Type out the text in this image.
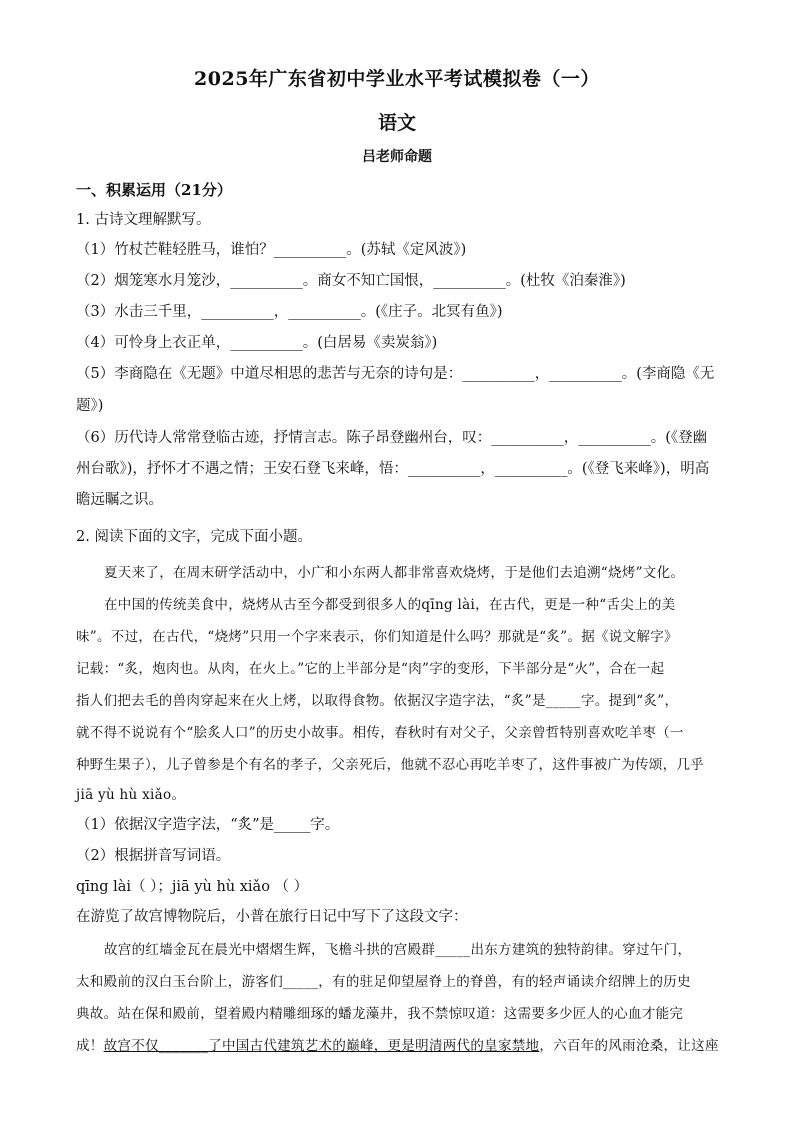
2025年广东省初中学业水平考试模拟卷（一）
语文
吕老师命题

一、积累运用（21分）

1. 古诗文理解默写。

（1）竹杖芒鞋轻胜马，谁怕？__________。(苏轼《定风波》)

（2）烟笼寒水月笼沙，__________。商女不知亡国恨，__________。(杜牧《泊秦淮》)

（3）水击三千里，__________，__________。(《庄子。北冥有鱼》)

（4）可怜身上衣正单，__________。(白居易《卖炭翁》)

（5）李商隐在《无题》中道尽相思的悲苦与无奈的诗句是：__________，__________。(李商隐《无

题》)

（6）历代诗人常常登临古迹，抒情言志。陈子昂登幽州台，叹：__________，__________。(《登幽

州台歌》)，抒怀才不遇之情；王安石登飞来峰，悟：__________，__________。(《登飞来峰》)，明高

瞻远瞩之识。

2. 阅读下面的文字，完成下面小题。

夏天来了，在周末研学活动中，小广和小东两人都非常喜欢烧烤，于是他们去追溯“烧烤”文化。

在中国的传统美食中，烧烤从古至今都受到很多人的qīng lài，在古代，更是一种“舌尖上的美

味”。不过，在古代，“烧烤”只用一个字来表示，你们知道是什么吗？那就是“炙”。据《说文解字》

记载：“炙，炮肉也。从肉，在火上。”它的上半部分是“肉”字的变形，下半部分是“火”，合在一起

指人们把去毛的兽肉穿起来在火上烤，以取得食物。依据汉字造字法，“炙”是_____字。提到“炙”，

就不得不说说有个“脍炙人口”的历史小故事。相传，春秋时有对父子，父亲曾哲特别喜欢吃羊枣（一

种野生果子），儿子曾参是个有名的孝子，父亲死后，他就不忍心再吃羊枣了，这件事被广为传颂，几乎

jiā yù hù xiǎo。

（1）依据汉字造字法，“炙”是_____字。

（2）根据拼音写词语。

qīng lài（ ）；jiā yù hù xiǎo （ ）

在游览了故宫博物院后，小普在旅行日记中写下了这段文字：

故宫的红墙金瓦在晨光中熠熠生辉，飞檐斗拱的宫殿群_____出东方建筑的独特韵律。穿过午门，

太和殿前的汉白玉台阶上，游客们_____，有的驻足仰望屋脊上的脊兽，有的轻声诵读介绍牌上的历史

典故。站在保和殿前，望着殿内精雕细琢的蟠龙藻井，我不禁惊叹道：这需要多少匠人的心血才能完

成！故宫不仅_______了中国古代建筑艺术的巅峰，更是明清两代的皇家禁地，六百年的风雨沧桑，让这座
